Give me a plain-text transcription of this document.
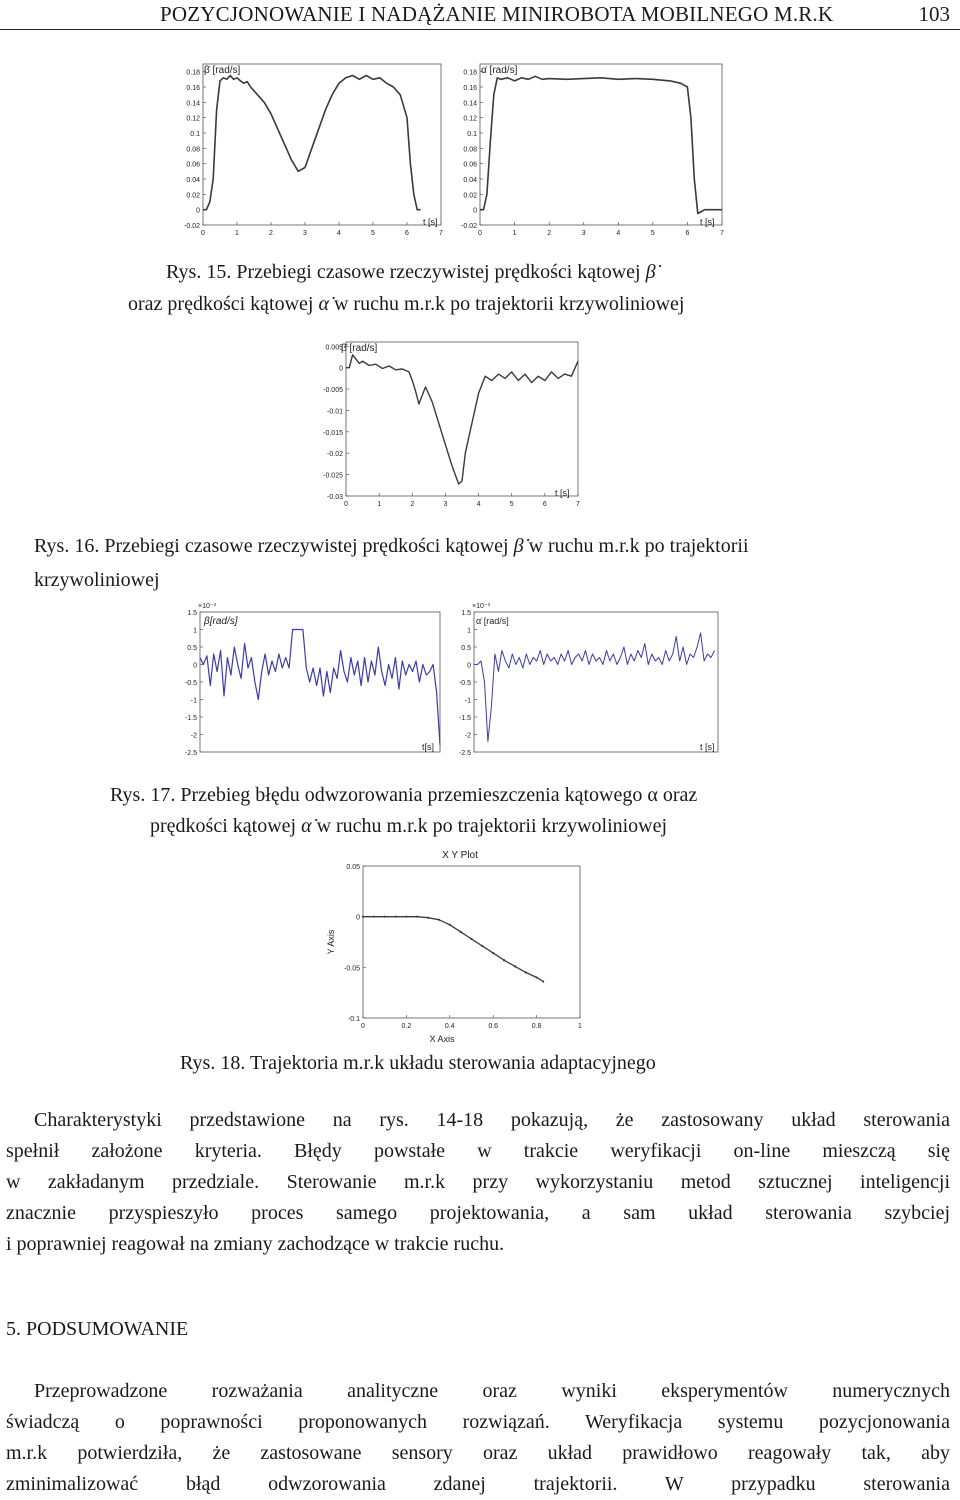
POZYCJONOWANIE I NADĄŻANIE MINIROBOTA MOBILNEGO M.R.K	103
0.18
0.16
0.14
0.12
0.1
0.08
0.06
0.04
0.02
0
-0.02
0	1	2	3	4	5	6	7
β̇ [rad/s]
t [s]
0.18
0.16
0.14
0.12
0.1
0.08
0.06
0.04
0.02
0
-0.02
0	1	2	3	4	5	6	7
α̇ [rad/s]
t [s]
Rys. 15. Przebiegi czasowe rzeczywistej prędkości kątowej β̇
oraz prędkości kątowej α̇ w ruchu m.r.k po trajektorii krzywoliniowej
0.005
0
-0.005
-0.01
-0.015
-0.02
-0.025
-0.03
0	1	2	3	4	5	6	7
β̇ [rad/s]
t [s]
Rys. 16. Przebiegi czasowe rzeczywistej prędkości kątowej β̇ w ruchu m.r.k po trajektorii
krzywoliniowej
1.5
1
0.5
0
-0.5
-1
-1.5
-2
-2.5
×10⁻³
β[rad/s]
t[s]
1.5
1
0.5
0
-0.5
-1
-1.5
-2
-2.5
×10⁻³
α̇ [rad/s]
t [s]
Rys. 17. Przebieg błędu odwzorowania przemieszczenia kątowego α oraz
prędkości kątowej α̇ w ruchu m.r.k po trajektorii krzywoliniowej
0.05
0
-0.05
-0.1
0	0.2	0.4	0.6	0.8	1
X Y Plot
X Axis
Y Axis
Rys. 18. Trajektoria m.r.k układu sterowania adaptacyjnego

Charakterystyki przedstawione na rys. 14-18 pokazują, że zastosowany układ sterowania

spełnił założone kryteria. Błędy powstałe w trakcie weryfikacji on-line mieszczą się

w zakładanym przedziale. Sterowanie m.r.k przy wykorzystaniu metod sztucznej inteligencji

znacznie przyspieszyło proces samego projektowania, a sam układ sterowania szybciej

i poprawniej reagował na zmiany zachodzące w trakcie ruchu.

5. PODSUMOWANIE

Przeprowadzone rozważania analityczne oraz wyniki eksperymentów numerycznych

świadczą o poprawności proponowanych rozwiązań. Weryfikacja systemu pozycjonowania

m.r.k potwierdziła, że zastosowane sensory oraz układ prawidłowo reagowały tak, aby

zminimalizować błąd odwzorowania zdanej trajektorii. W przypadku sterowania
